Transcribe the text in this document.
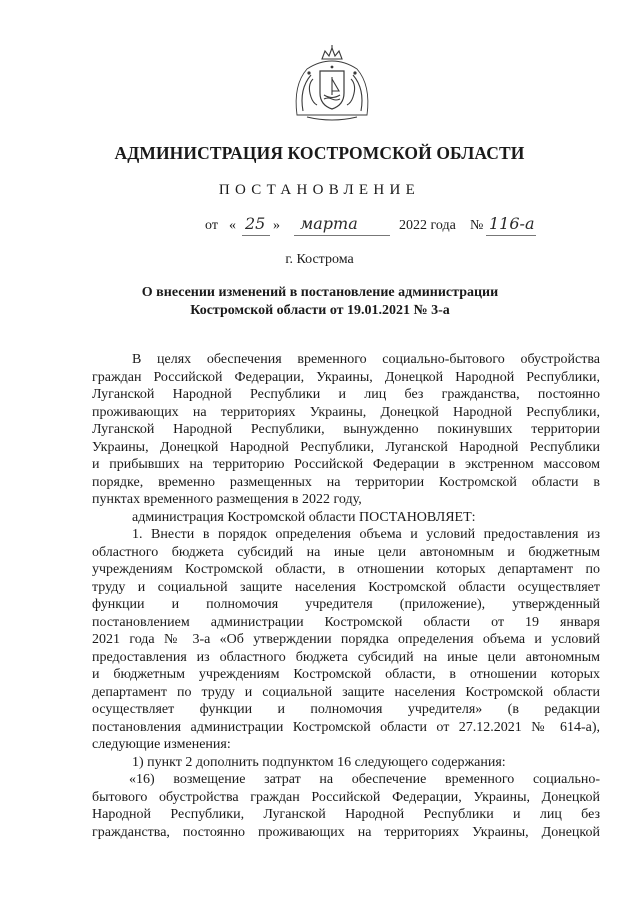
АДМИНИСТРАЦИЯ КОСТРОМСКОЙ ОБЛАСТИ
ПОСТАНОВЛЕНИЕ
от « 25 » марта	2022 года № 116-а
г. Кострома
О внесении изменений в постановление администрации
Костромской области от 19.01.2021 № 3-а

В целях обеспечения временного социально-бытового обустройства

граждан Российской Федерации, Украины, Донецкой Народной Республики,

Луганской Народной Республики и лиц без гражданства, постоянно

проживающих на территориях Украины, Донецкой Народной Республики,

Луганской Народной Республики, вынужденно покинувших территории

Украины, Донецкой Народной Республики, Луганской Народной Республики

и прибывших на территорию Российской Федерации в экстренном массовом

порядке, временно размещенных на территории Костромской области в

пунктах временного размещения в 2022 году,

администрация Костромской области ПОСТАНОВЛЯЕТ:

1. Внести в порядок определения объема и условий предоставления из

областного бюджета субсидий на иные цели автономным и бюджетным

учреждениям Костромской области, в отношении которых департамент по

труду и социальной защите населения Костромской области осуществляет

функции и полномочия учредителя (приложение), утвержденный

постановлением администрации Костромской области от 19 января

2021 года № 3-а «Об утверждении порядка определения объема и условий

предоставления из областного бюджета субсидий на иные цели автономным

и бюджетным учреждениям Костромской области, в отношении которых

департамент по труду и социальной защите населения Костромской области

осуществляет функции и полномочия учредителя» (в редакции

постановления администрации Костромской области от 27.12.2021 № 614-а),

следующие изменения:

1) пункт 2 дополнить подпунктом 16 следующего содержания:

«16) возмещение затрат на обеспечение временного социально-

бытового обустройства граждан Российской Федерации, Украины, Донецкой

Народной Республики, Луганской Народной Республики и лиц без

гражданства, постоянно проживающих на территориях Украины, Донецкой
